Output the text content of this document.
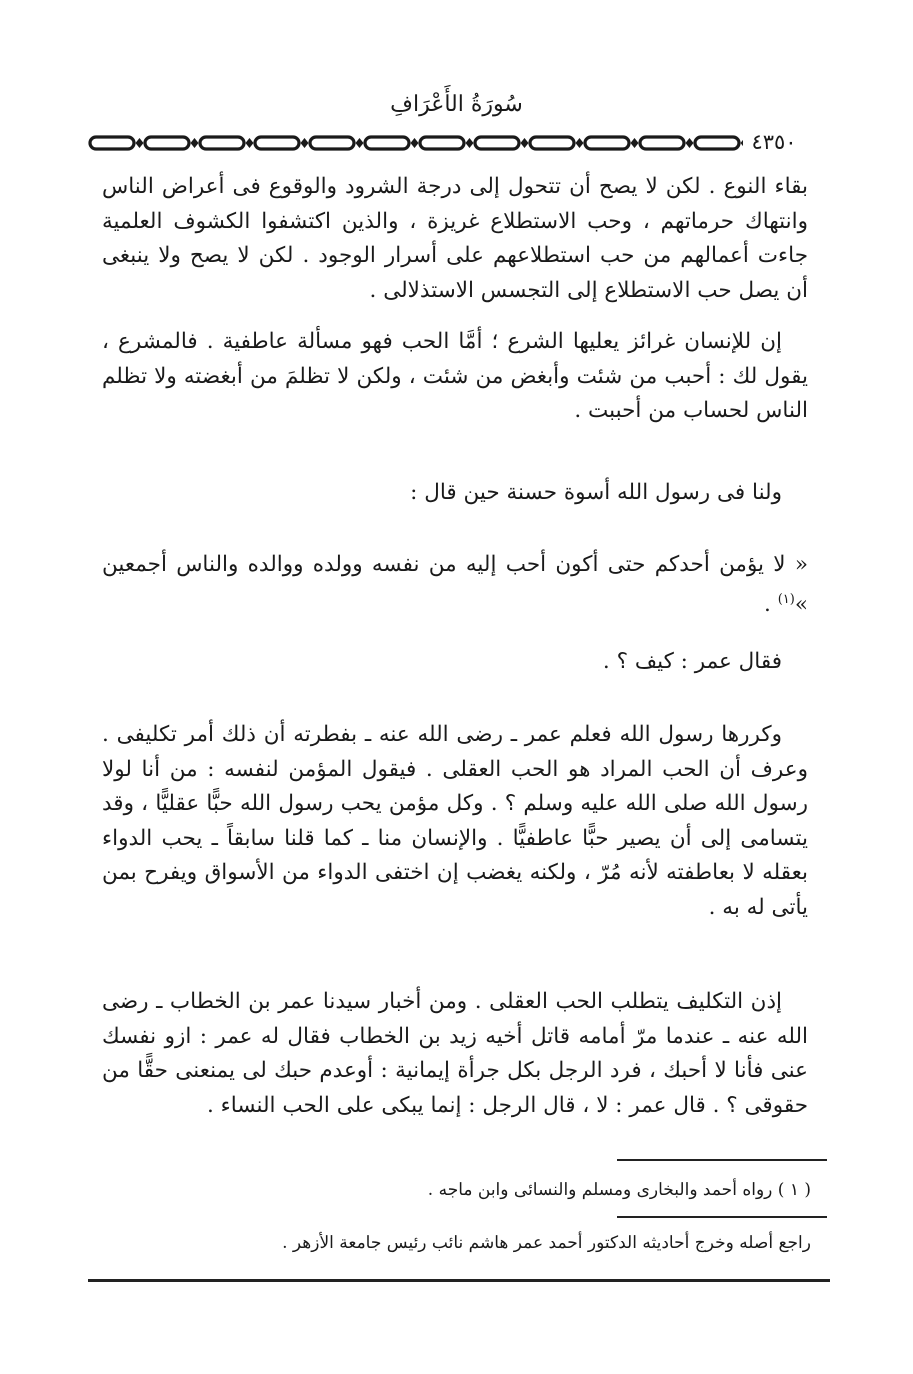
سُورَةُ الأَعْرَافِ
٤٣٥٠

بقاء النوع . لكن لا يصح أن تتحول إلى درجة الشرود والوقوع فى أعراض الناس وانتهاك حرماتهم ، وحب الاستطلاع غريزة ، والذين اكتشفوا الكشوف العلمية جاءت أعمالهم من حب استطلاعهم على أسرار الوجود . لكن لا يصح ولا ينبغى أن يصل حب الاستطلاع إلى التجسس الاستذلالى .

إن للإنسان غرائز يعليها الشرع ؛ أمَّا الحب فهو مسألة عاطفية . فالمشرع ، يقول لك : أحبب من شئت وأبغض من شئت ، ولكن لا تظلمَ من أبغضته ولا تظلم الناس لحساب من أحببت .

ولنا فى رسول الله أسوة حسنة حين قال :

« لا يؤمن أحدكم حتى أكون أحب إليه من نفسه وولده ووالده والناس أجمعين »$^{(١)}$ .

فقال عمر : كيف ؟ .

وكررها رسول الله فعلم عمر ـ رضى الله عنه ـ بفطرته أن ذلك أمر تكليفى . وعرف أن الحب المراد هو الحب العقلى . فيقول المؤمن لنفسه : من أنا لولا رسول الله صلى الله عليه وسلم ؟ . وكل مؤمن يحب رسول الله حبًّا عقليًّا ، وقد يتسامى إلى أن يصير حبًّا عاطفيًّا . والإنسان منا ـ كما قلنا سابقاً ـ يحب الدواء بعقله لا بعاطفته لأنه مُرّ ، ولكنه يغضب إن اختفى الدواء من الأسواق ويفرح بمن يأتى له به .

إذن التكليف يتطلب الحب العقلى . ومن أخبار سيدنا عمر بن الخطاب ـ رضى الله عنه ـ عندما مرّ أمامه قاتل أخيه زيد بن الخطاب فقال له عمر : ازو نفسك عنى فأنا لا أحبك ، فرد الرجل بكل جرأة إيمانية : أوعدم حبك لى يمنعنى حقًّا من حقوقى ؟ . قال عمر : لا ، قال الرجل : إنما يبكى على الحب النساء .

( ١ ) رواه أحمد والبخارى ومسلم والنسائى وابن ماجه .
راجع أصله وخرج أحاديثه الدكتور أحمد عمر هاشم نائب رئيس جامعة الأزهر .
